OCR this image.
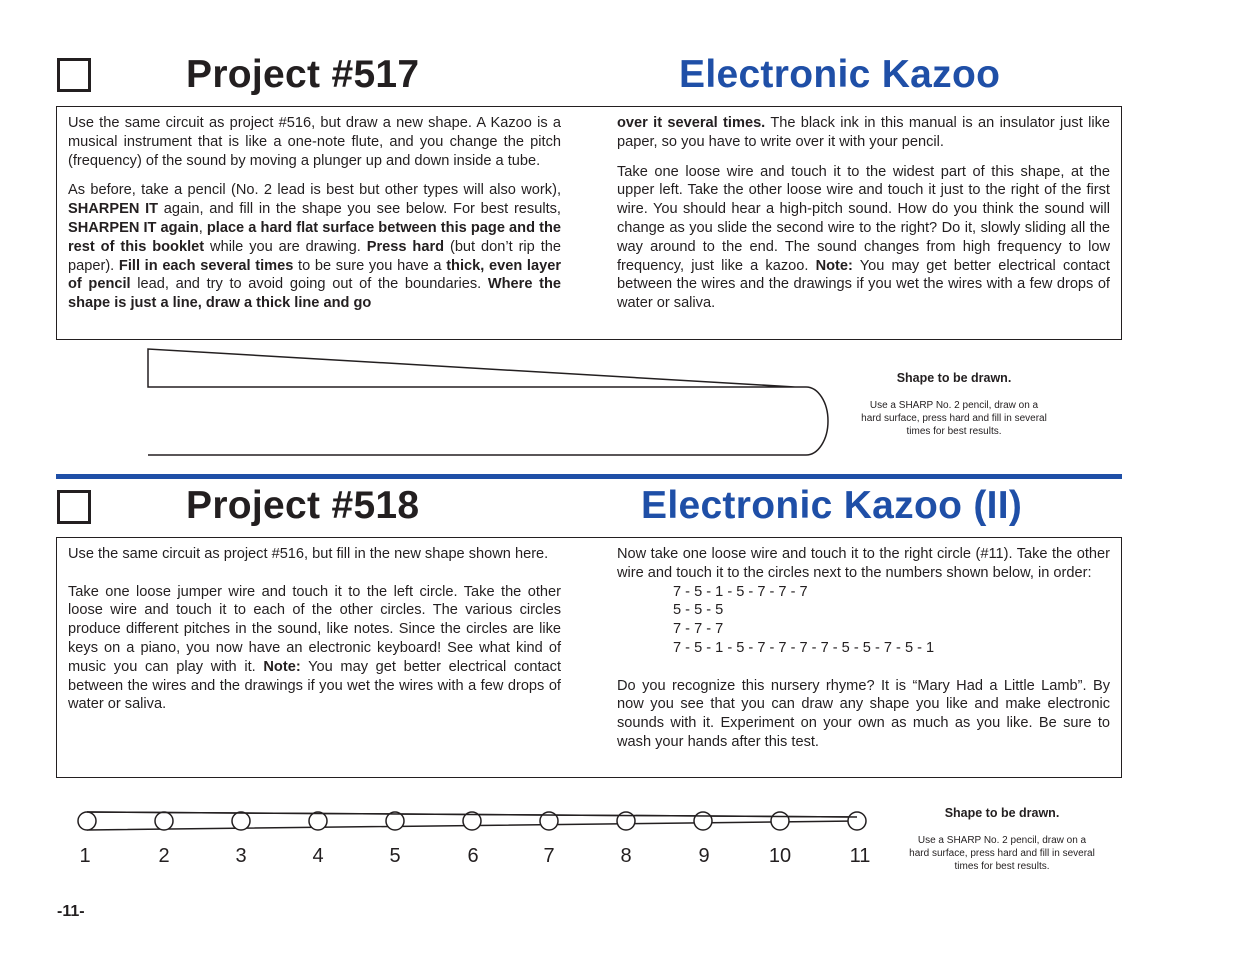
Project #517	Electronic Kazoo

Use the same circuit as project #516, but draw a new shape. A Kazoo is a musical instrument that is like a one-note flute, and you change the pitch (frequency) of the sound by moving a plunger up and down inside a tube.

As before, take a pencil (No. 2 lead is best but other types will also work), SHARPEN IT again, and fill in the shape you see below. For best results, SHARPEN IT again, place a hard flat surface between this page and the rest of this booklet while you are drawing. Press hard (but don’t rip the paper). Fill in each several times to be sure you have a thick, even layer of pencil lead, and try to avoid going out of the boundaries. Where the shape is just a line, draw a thick line and go

over it several times. The black ink in this manual is an insulator just like paper, so you have to write over it with your pencil.

Take one loose wire and touch it to the widest part of this shape, at the upper left. Take the other loose wire and touch it just to the right of the first wire. You should hear a high-pitch sound. How do you think the sound will change as you slide the second wire to the right? Do it, slowly sliding all the way around to the end. The sound changes from high frequency to low frequency, just like a kazoo. Note: You may get better electrical contact between the wires and the drawings if you wet the wires with a few drops of water or saliva.

1	2	3	4	5	6	7	8	9	10	11
Shape to be drawn.
Use a SHARP No. 2 pencil, draw on a hard surface, press hard and fill in several times for best results.
Project #518	Electronic Kazoo (II)

Use the same circuit as project #516, but fill in the new shape shown here.

Take one loose jumper wire and touch it to the left circle. Take the other loose wire and touch it to each of the other circles. The various circles produce different pitches in the sound, like notes. Since the circles are like keys on a piano, you now have an electronic keyboard! See what kind of music you can play with it. Note: You may get better electrical contact between the wires and the drawings if you wet the wires with a few drops of water or saliva.

Now take one loose wire and touch it to the right circle (#11). Take the other wire and touch it to the circles next to the numbers shown below, in order:

7 - 5 - 1 - 5 - 7 - 7 - 7
5 - 5 - 5
7 - 7 - 7
7 - 5 - 1 - 5 - 7 - 7 - 7 - 7 - 5 - 5 - 7 - 5 - 1

Do you recognize this nursery rhyme? It is “Mary Had a Little Lamb”. By now you see that you can draw any shape you like and make electronic sounds with it. Experiment on your own as much as you like. Be sure to wash your hands after this test.

Shape to be drawn.
Use a SHARP No. 2 pencil, draw on a hard surface, press hard and fill in several times for best results.
-11-
